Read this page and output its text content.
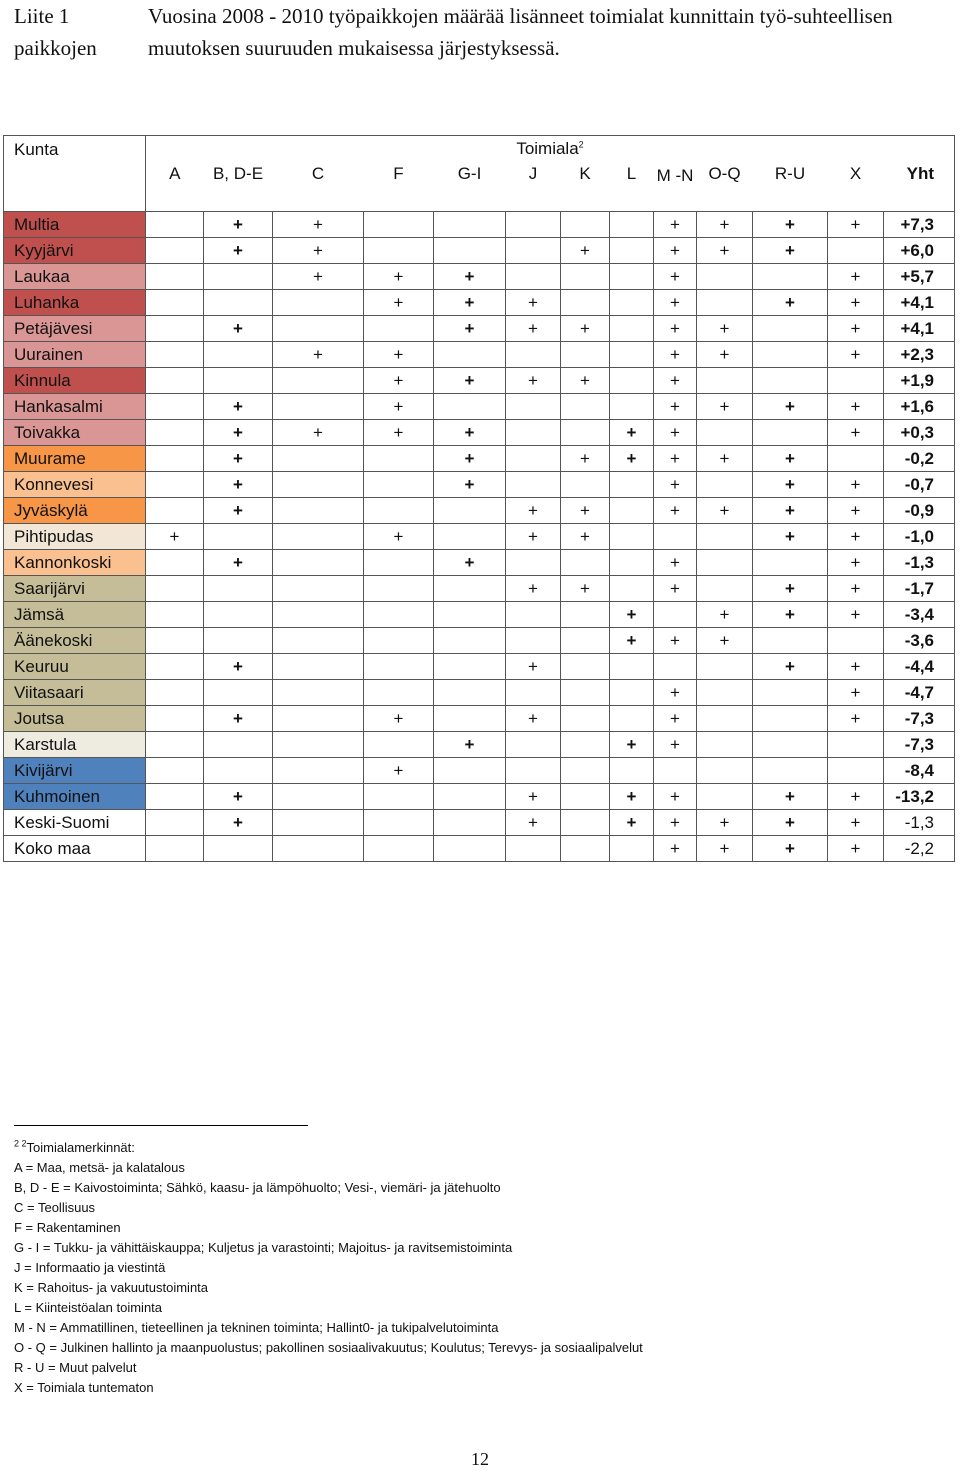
Liite 1 paikkojen
Vuosina 2008 - 2010 työpaikkojen määrää lisänneet toimialat kunnittain työ-suhteellisen muutoksen suuruuden mukaisessa järjestyksessä.
Kunta	Toimiala$^2$
	A	B, D-E	C	F	G-I	J	K	L	M -N	O-Q	R-U	X	Yht
Multia		+	+						+	+	+	+	+7,3
Kyyjärvi		+	+				+		+	+	+		+6,0
Laukaa			+	+	+				+			+	+5,7
Luhanka				+	+	+			+		+	+	+4,1
Petäjävesi		+			+	+	+		+	+		+	+4,1
Uurainen			+	+					+	+		+	+2,3
Kinnula				+	+	+	+		+				+1,9
Hankasalmi		+		+					+	+	+	+	+1,6
Toivakka		+	+	+	+			+	+			+	+0,3
Muurame		+			+		+	+	+	+	+		-0,2
Konnevesi		+			+				+		+	+	-0,7
Jyväskylä		+				+	+		+	+	+	+	-0,9
Pihtipudas	+			+		+	+				+	+	-1,0
Kannonkoski		+			+				+			+	-1,3
Saarijärvi						+	+		+		+	+	-1,7
Jämsä								+		+	+	+	-3,4
Äänekoski								+	+	+			-3,6
Keuruu		+				+					+	+	-4,4
Viitasaari									+			+	-4,7
Joutsa		+		+		+			+			+	-7,3
Karstula					+			+	+				-7,3
Kivijärvi				+									-8,4
Kuhmoinen		+				+		+	+		+	+	-13,2
Keski-Suomi		+				+		+	+	+	+	+	-1,3
Koko maa									+	+	+	+	-2,2
$^{2 2}$Toimialamerkinnät:
A = Maa, metsä- ja kalatalous
B, D - E = Kaivostoiminta; Sähkö, kaasu- ja lämpöhuolto; Vesi-, viemäri- ja jätehuolto
C = Teollisuus
F = Rakentaminen
G - I = Tukku- ja vähittäiskauppa; Kuljetus ja varastointi; Majoitus- ja ravitsemistoiminta
J = Informaatio ja viestintä
K = Rahoitus- ja vakuutustoiminta
L = Kiinteistöalan toiminta
M - N = Ammatillinen, tieteellinen ja tekninen toiminta; Hallint0- ja tukipalvelutoiminta
O - Q = Julkinen hallinto ja maanpuolustus; pakollinen sosiaalivakuutus; Koulutus; Terevys- ja sosiaalipalvelut
R - U = Muut palvelut
X = Toimiala tuntematon
12
